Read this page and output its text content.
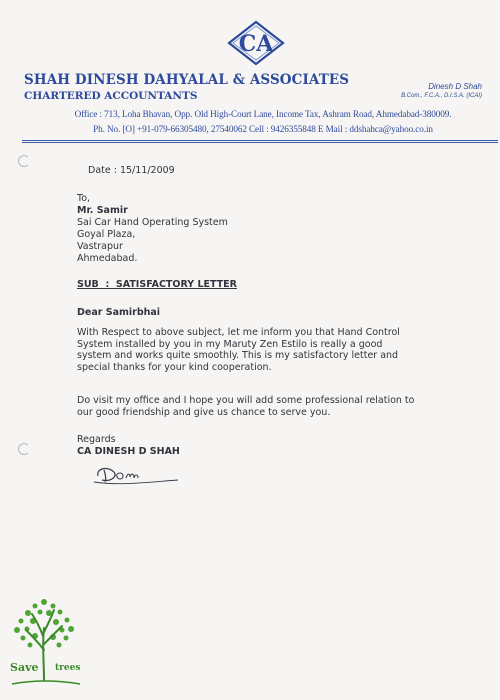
CA
SHAH DINESH DAHYALAL & ASSOCIATES
CHARTERED ACCOUNTANTS
Dinesh D Shah
B.Com., F.C.A., D.I.S.A. (ICAI)
Office : 713, Loha Bhavan, Opp. Old High-Court Lane, Income Tax, Ashram Road, Ahmedabad-380009.
Ph. No. [O] +91-079-66305480, 27540062 Cell : 9426355848 E Mail : ddshahca@yahoo.co.in
Date : 15/11/2009
To,
Mr. Samir
Sai Car Hand Operating System
Goyal Plaza,
Vastrapur
Ahmedabad.
SUB : SATISFACTORY LETTER
Dear Samirbhai
With Respect to above subject, let me inform you that Hand Control
System installed by you in my Maruty Zen Estilo is really a good
system and works quite smoothly. This is my satisfactory letter and
special thanks for your kind cooperation.
Do visit my office and I hope you will add some professional relation to
our good friendship and give us chance to serve you.
Regards
CA DINESH D SHAH
Save trees
